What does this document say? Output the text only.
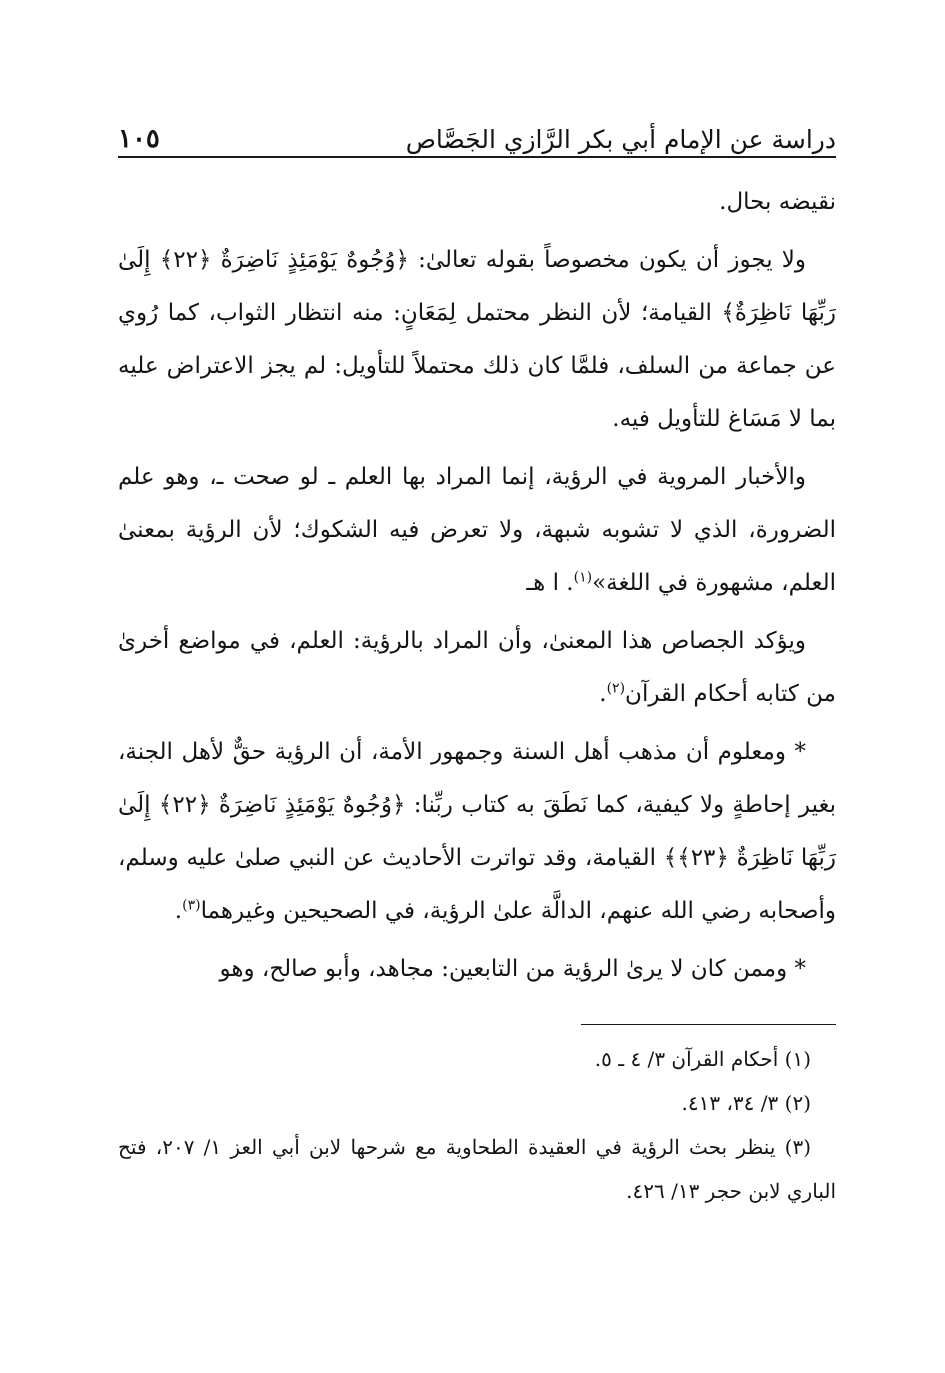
دراسة عن الإمام أبي بكر الرَّازي الجَصَّاص
١٠٥

نقيضه بحال.

ولا يجوز أن يكون مخصوصاً بقوله تعالىٰ: ﴿وُجُوهٌ يَوْمَئِذٍ نَاضِرَةٌ ﴿٢٢﴾ إِلَىٰ رَبِّهَا نَاظِرَةٌ﴾ القيامة؛ لأن النظر محتمل لِمَعَانٍ: منه انتظار الثواب، كما رُوي عن جماعة من السلف، فلمَّا كان ذلك محتملاً للتأويل: لم يجز الاعتراض عليه بما لا مَسَاغ للتأويل فيه.

والأخبار المروية في الرؤية، إنما المراد بها العلم ـ لو صحت ـ، وهو علم الضرورة، الذي لا تشوبه شبهة، ولا تعرض فيه الشكوك؛ لأن الرؤية بمعنىٰ العلم، مشهورة في اللغة»$^{(١)}$. ا هـ

ويؤكد الجصاص هذا المعنىٰ، وأن المراد بالرؤية: العلم، في مواضع أخرىٰ من كتابه أحكام القرآن$^{(٢)}$.

* ومعلوم أن مذهب أهل السنة وجمهور الأمة، أن الرؤية حقٌّ لأهل الجنة، بغير إحاطةٍ ولا كيفية، كما نَطَقَ به كتاب ربِّنا: ﴿وُجُوهٌ يَوْمَئِذٍ نَاضِرَةٌ ﴿٢٢﴾ إِلَىٰ رَبِّهَا نَاظِرَةٌ ﴿٢٣﴾﴾ القيامة، وقد تواترت الأحاديث عن النبي صلىٰ عليه وسلم، وأصحابه رضي الله عنهم، الدالَّة علىٰ الرؤية، في الصحيحين وغيرهما$^{(٣)}$.

* وممن كان لا يرىٰ الرؤية من التابعين: مجاهد، وأبو صالح، وهو

(١) أحكام القرآن ٣/ ٤ ـ ٥.

(٢) ٣/ ٣٤، ٤١٣.

(٣) ينظر بحث الرؤية في العقيدة الطحاوية مع شرحها لابن أبي العز ١/ ٢٠٧، فتح الباري لابن حجر ١٣/ ٤٢٦.
